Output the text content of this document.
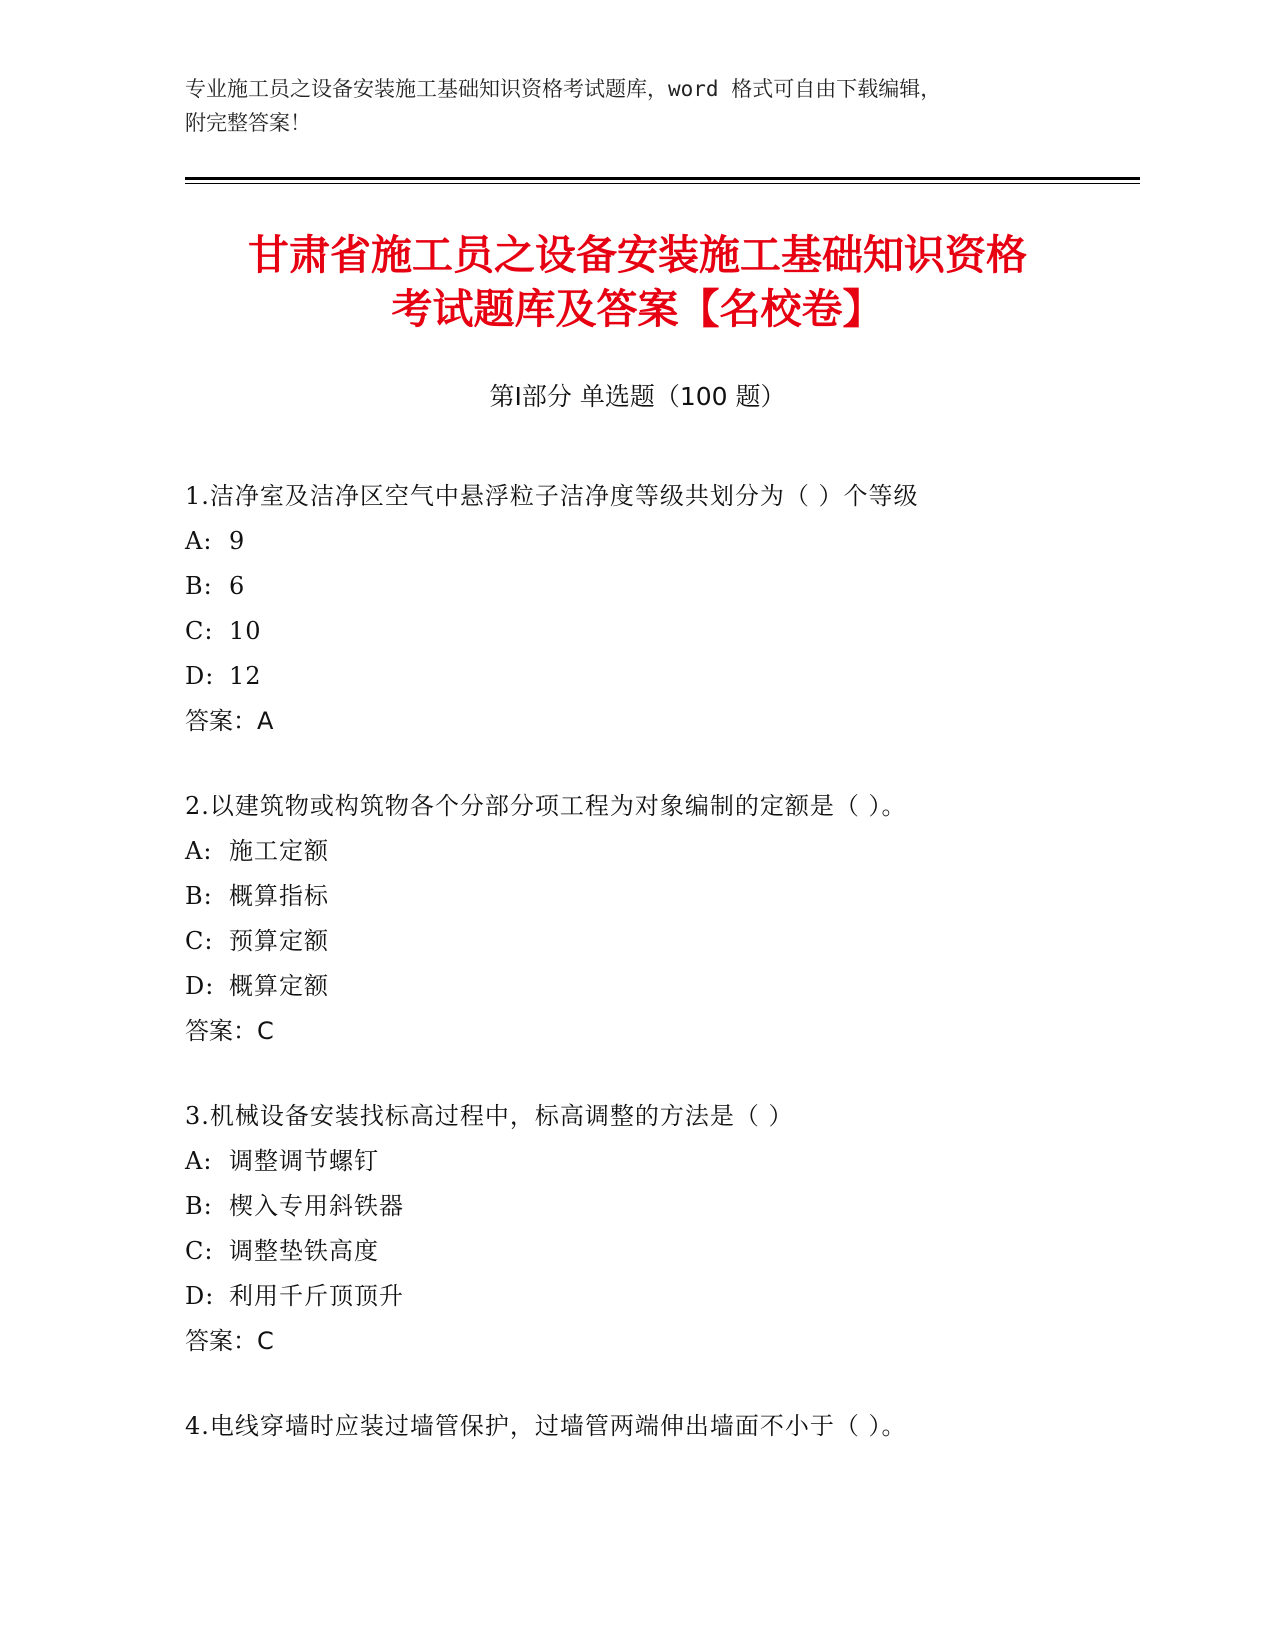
专业施工员之设备安装施工基础知识资格考试题库，word 格式可自由下载编辑，
附完整答案！
甘肃省施工员之设备安装施工基础知识资格
考试题库及答案【名校卷】
第Ⅰ部分 单选题（100 题）
1.洁净室及洁净区空气中悬浮粒子洁净度等级共划分为（ ）个等级
A: 9
B: 6
C: 10
D: 12
答案：A
2.以建筑物或构筑物各个分部分项工程为对象编制的定额是（ ）。
A: 施工定额
B: 概算指标
C: 预算定额
D: 概算定额
答案：C
3.机械设备安装找标高过程中，标高调整的方法是（ ）
A: 调整调节螺钉
B: 楔入专用斜铁器
C: 调整垫铁高度
D: 利用千斤顶顶升
答案：C
4.电线穿墙时应装过墙管保护，过墙管两端伸出墙面不小于（ ）。
